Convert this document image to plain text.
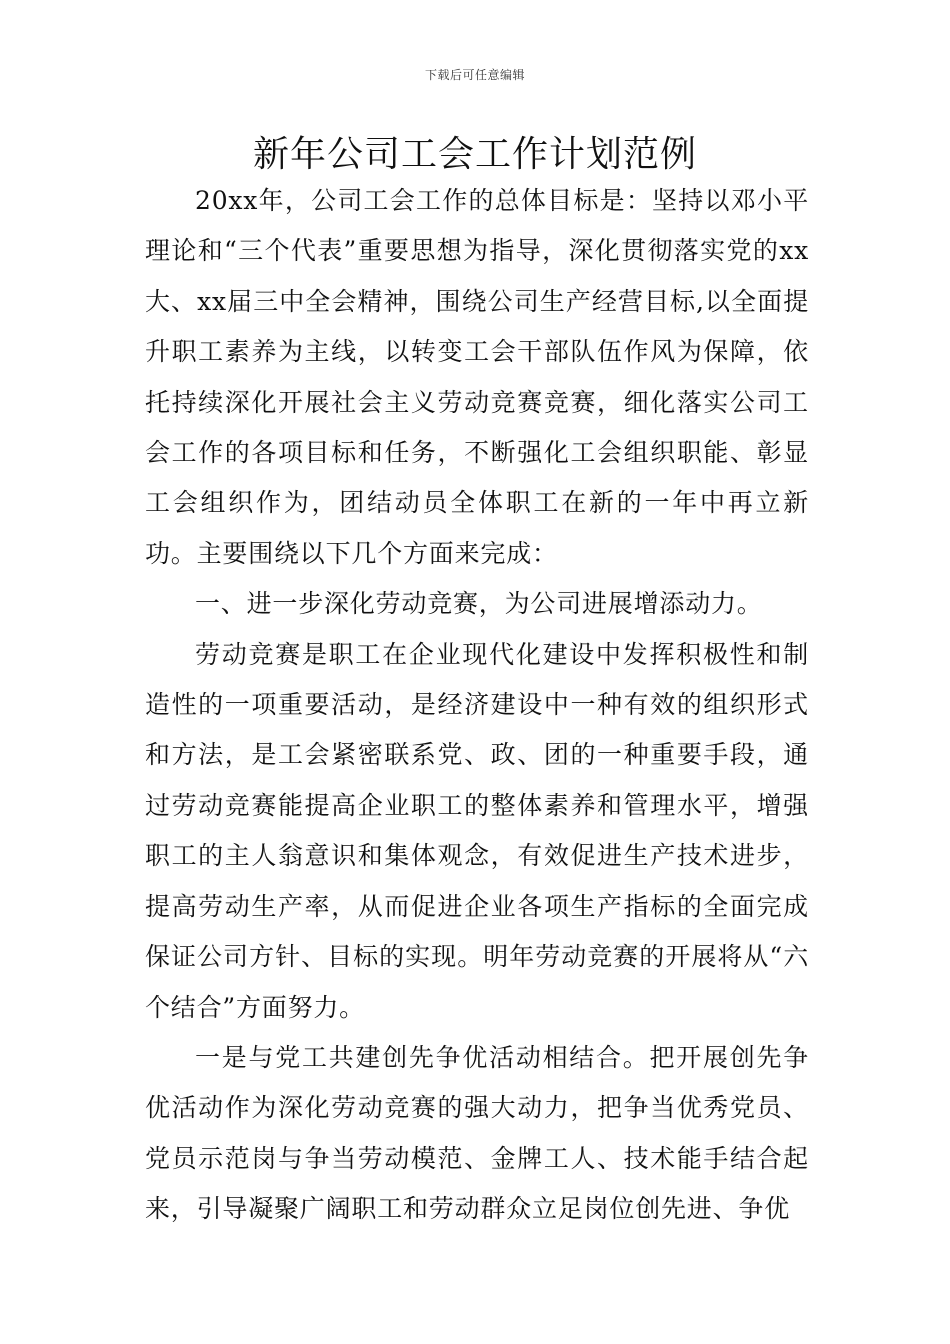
下载后可任意编辑
新年公司工会工作计划范例

20xx年，公司工会工作的总体目标是：坚持以邓小平理论和“三个代表”重要思想为指导，深化贯彻落实党的xx大、xx届三中全会精神，围绕公司生产经营目标,以全面提升职工素养为主线，以转变工会干部队伍作风为保障，依托持续深化开展社会主义劳动竞赛竞赛，细化落实公司工会工作的各项目标和任务，不断强化工会组织职能、彰显工会组织作为，团结动员全体职工在新的一年中再立新功。主要围绕以下几个方面来完成：

一、进一步深化劳动竞赛，为公司进展增添动力。

劳动竞赛是职工在企业现代化建设中发挥积极性和制造性的一项重要活动，是经济建设中一种有效的组织形式和方法，是工会紧密联系党、政、团的一种重要手段，通过劳动竞赛能提高企业职工的整体素养和管理水平，增强职工的主人翁意识和集体观念，有效促进生产技术进步，提高劳动生产率，从而促进企业各项生产指标的全面完成保证公司方针、目标的实现。明年劳动竞赛的开展将从“六个结合”方面努力。

一是与党工共建创先争优活动相结合。把开展创先争优活动作为深化劳动竞赛的强大动力，把争当优秀党员、党员示范岗与争当劳动模范、金牌工人、技术能手结合起来，引导凝聚广阔职工和劳动群众立足岗位创先进、争优
